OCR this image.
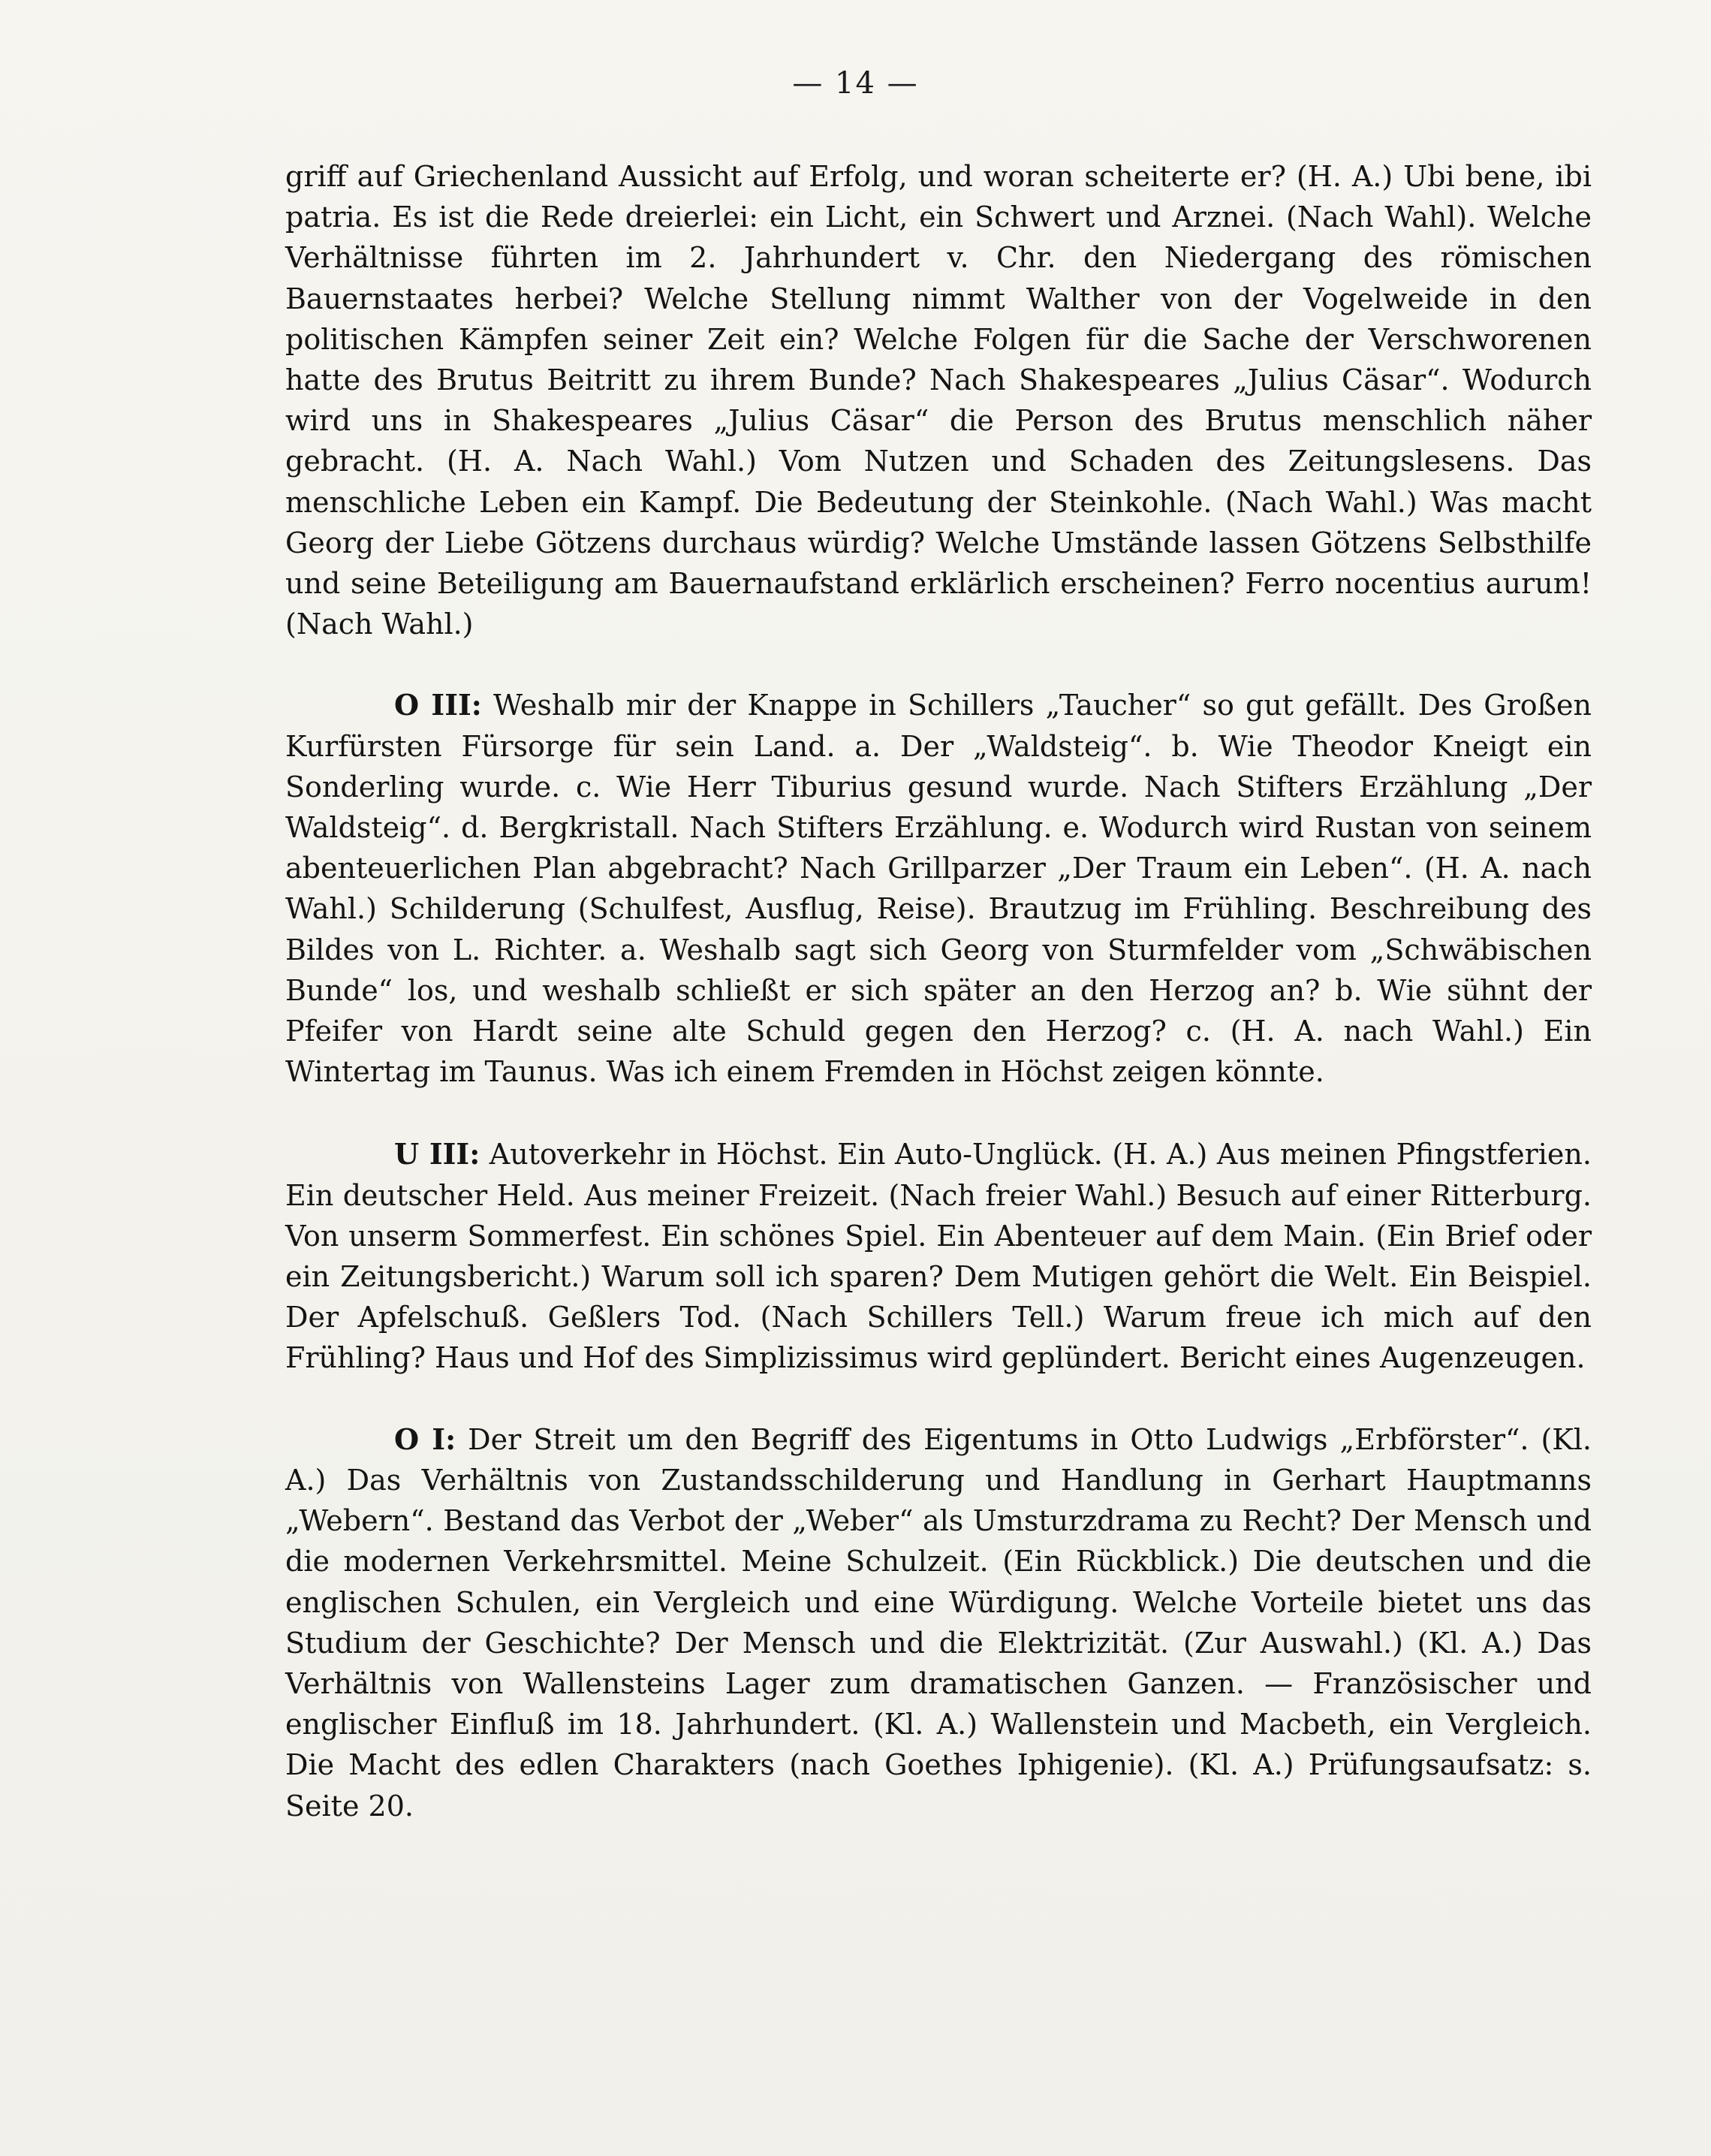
— 14 —

griff auf Griechenland Aussicht auf Erfolg, und woran scheiterte er? (H. A.) Ubi bene, ibi patria. Es ist die Rede dreierlei: ein Licht, ein Schwert und Arznei. (Nach Wahl). Welche Verhältnisse führten im 2. Jahrhundert v. Chr. den Niedergang des römischen Bauernstaates herbei? Welche Stellung nimmt Walther von der Vogelweide in den politischen Kämpfen seiner Zeit ein? Welche Folgen für die Sache der Verschworenen hatte des Brutus Beitritt zu ihrem Bunde? Nach Shakespeares „Julius Cäsar“. Wodurch wird uns in Shakespeares „Julius Cäsar“ die Person des Brutus menschlich näher gebracht. (H. A. Nach Wahl.) Vom Nutzen und Schaden des Zeitungslesens. Das menschliche Leben ein Kampf. Die Bedeutung der Steinkohle. (Nach Wahl.) Was macht Georg der Liebe Götzens durchaus würdig? Welche Umstände lassen Götzens Selbsthilfe und seine Beteiligung am Bauernaufstand erklärlich erscheinen? Ferro nocentius aurum! (Nach Wahl.)

O III: Weshalb mir der Knappe in Schillers „Taucher“ so gut gefällt. Des Großen Kurfürsten Fürsorge für sein Land. a. Der „Waldsteig“. b. Wie Theodor Kneigt ein Sonderling wurde. c. Wie Herr Tiburius gesund wurde. Nach Stifters Erzählung „Der Waldsteig“. d. Bergkristall. Nach Stifters Erzählung. e. Wodurch wird Rustan von seinem abenteuerlichen Plan abgebracht? Nach Grillparzer „Der Traum ein Leben“. (H. A. nach Wahl.) Schilderung (Schulfest, Ausflug, Reise). Brautzug im Frühling. Beschreibung des Bildes von L. Richter. a. Weshalb sagt sich Georg von Sturmfelder vom „Schwäbischen Bunde“ los, und weshalb schließt er sich später an den Herzog an? b. Wie sühnt der Pfeifer von Hardt seine alte Schuld gegen den Herzog? c. (H. A. nach Wahl.) Ein Wintertag im Taunus. Was ich einem Fremden in Höchst zeigen könnte.

U III: Autoverkehr in Höchst. Ein Auto-Unglück. (H. A.) Aus meinen Pfingstferien. Ein deutscher Held. Aus meiner Freizeit. (Nach freier Wahl.) Besuch auf einer Ritterburg. Von unserm Sommerfest. Ein schönes Spiel. Ein Abenteuer auf dem Main. (Ein Brief oder ein Zeitungsbericht.) Warum soll ich sparen? Dem Mutigen gehört die Welt. Ein Beispiel. Der Apfelschuß. Geßlers Tod. (Nach Schillers Tell.) Warum freue ich mich auf den Frühling? Haus und Hof des Simplizissimus wird geplündert. Bericht eines Augenzeugen.

O I: Der Streit um den Begriff des Eigentums in Otto Ludwigs „Erbförster“. (Kl. A.) Das Verhältnis von Zustandsschilderung und Handlung in Gerhart Hauptmanns „Webern“. Bestand das Verbot der „Weber“ als Umsturzdrama zu Recht? Der Mensch und die modernen Verkehrsmittel. Meine Schulzeit. (Ein Rückblick.) Die deutschen und die englischen Schulen, ein Vergleich und eine Würdigung. Welche Vorteile bietet uns das Studium der Geschichte? Der Mensch und die Elektrizität. (Zur Auswahl.) (Kl. A.) Das Verhältnis von Wallensteins Lager zum dramatischen Ganzen. — Französischer und englischer Einfluß im 18. Jahrhundert. (Kl. A.) Wallenstein und Macbeth, ein Vergleich. Die Macht des edlen Charakters (nach Goethes Iphigenie). (Kl. A.) Prüfungsaufsatz: s. Seite 20.
